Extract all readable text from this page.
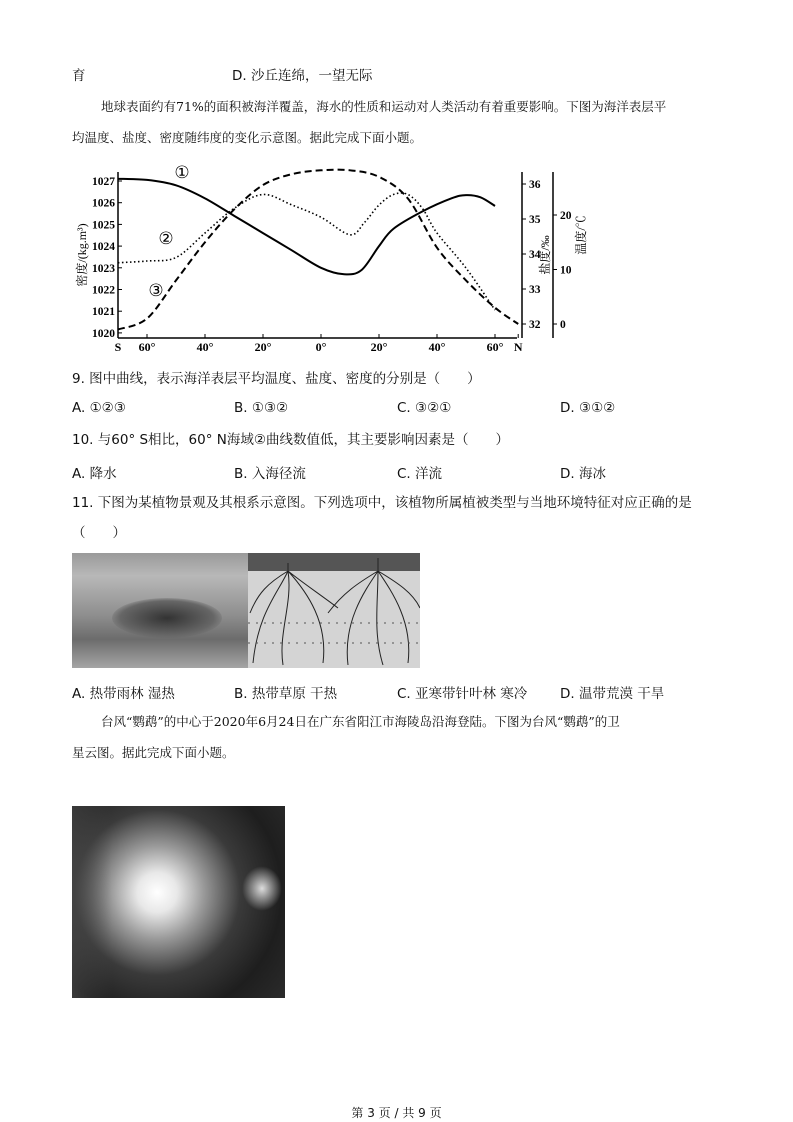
育	D. 沙丘连绵，一望无际
地球表面约有71%的面积被海洋覆盖，海水的性质和运动对人类活动有着重要影响。下图为海洋表层平
均温度、盐度、密度随纬度的变化示意图。据此完成下面小题。
S 60°	40°	20°	0°	20°	40°	60° N
1020
1021
1022
1023
1024
1025
1026
1027
32
33
34
35
36
0
10
20
密度/(kg.m³)	盐度/‰
温度/℃
①
②
③
9. 图中曲线，表示海洋表层平均温度、盐度、密度的分别是（　　）
A. ①②③	B. ①③②	C. ③②①	D. ③①②
10. 与60° S相比，60° N海域②曲线数值低，其主要影响因素是（　　）
A. 降水	B. 入海径流	C. 洋流	D. 海冰
11. 下图为某植物景观及其根系示意图。下列选项中，该植物所属植被类型与当地环境特征对应正确的是
（　　）
A. 热带雨林 湿热	B. 热带草原 干热	C. 亚寒带针叶林 寒冷 D. 温带荒漠 干旱
台风“鹦鹉”的中心于2020年6月24日在广东省阳江市海陵岛沿海登陆。下图为台风“鹦鹉”的卫
星云图。据此完成下面小题。
第 3 页 / 共 9 页
